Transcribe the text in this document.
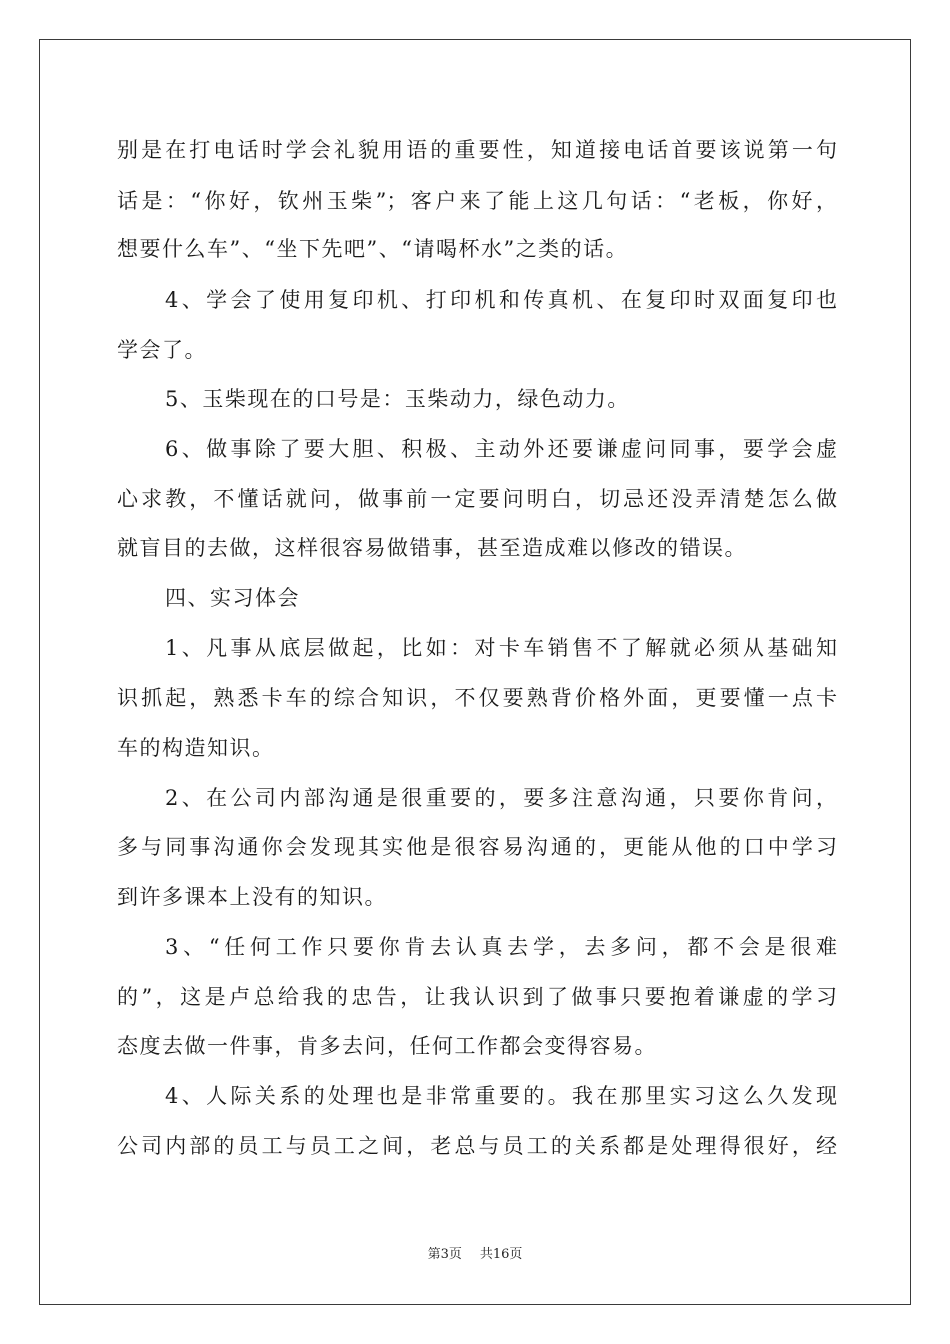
别是在打电话时学会礼貌用语的重要性，知道接电话首要该说第一句
话是：“你好，钦州玉柴”；客户来了能上这几句话：“老板，你好，
想要什么车”、“坐下先吧”、“请喝杯水”之类的话。
4、学会了使用复印机、打印机和传真机、在复印时双面复印也
学会了。
5、玉柴现在的口号是：玉柴动力，绿色动力。
6、做事除了要大胆、积极、主动外还要谦虚问同事，要学会虚
心求教，不懂话就问，做事前一定要问明白，切忌还没弄清楚怎么做
就盲目的去做，这样很容易做错事，甚至造成难以修改的错误。
四、实习体会
1、凡事从底层做起，比如：对卡车销售不了解就必须从基础知
识抓起，熟悉卡车的综合知识，不仅要熟背价格外面，更要懂一点卡
车的构造知识。
2、在公司内部沟通是很重要的，要多注意沟通，只要你肯问，
多与同事沟通你会发现其实他是很容易沟通的，更能从他的口中学习
到许多课本上没有的知识。
3、“任何工作只要你肯去认真去学，去多问，都不会是很难
的”，这是卢总给我的忠告，让我认识到了做事只要抱着谦虚的学习
态度去做一件事，肯多去问，任何工作都会变得容易。
4、人际关系的处理也是非常重要的。我在那里实习这么久发现
公司内部的员工与员工之间，老总与员工的关系都是处理得很好，经
第3页 共16页
